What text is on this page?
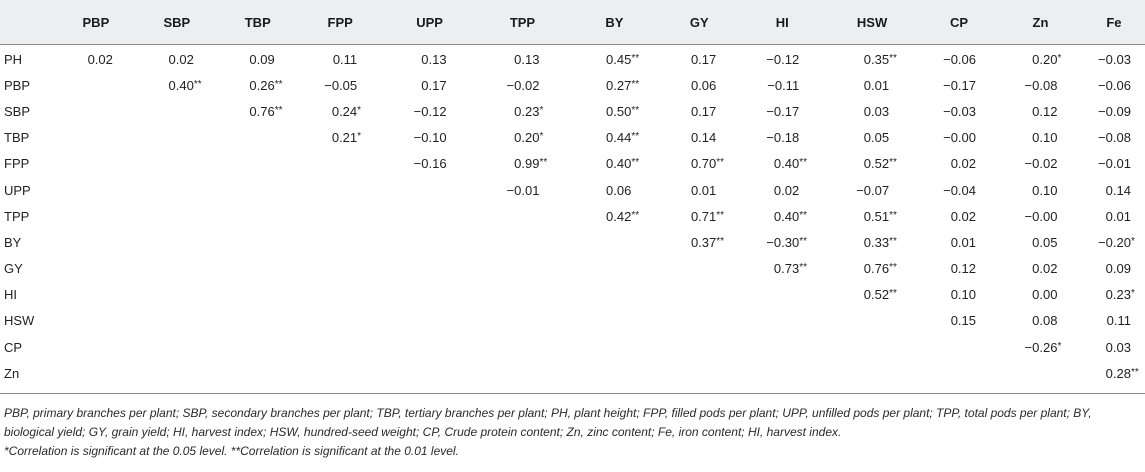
	PBP	SBP	TBP	FPP	UPP	TPP	BY	GY	HI	HSW	CP	Zn	Fe
PH	0.02	0.02	0.09	0.11	0.13	0.13	0.45**	0.17	−0.12	0.35**	−0.06	0.20*	−0.03
PBP		0.40**	0.26**	−0.05	0.17	−0.02	0.27**	0.06	−0.11	0.01	−0.17	−0.08	−0.06
SBP			0.76**	0.24*	−0.12	0.23*	0.50**	0.17	−0.17	0.03	−0.03	0.12	−0.09
TBP				0.21*	−0.10	0.20*	0.44**	0.14	−0.18	0.05	−0.00	0.10	−0.08
FPP					−0.16	0.99**	0.40**	0.70**	0.40**	0.52**	0.02	−0.02	−0.01
UPP						−0.01	0.06	0.01	0.02	−0.07	−0.04	0.10	0.14
TPP							0.42**	0.71**	0.40**	0.51**	0.02	−0.00	0.01
BY								0.37**	−0.30**	0.33**	0.01	0.05	−0.20*
GY									0.73**	0.76**	0.12	0.02	0.09
HI										0.52**	0.10	0.00	0.23*
HSW											0.15	0.08	0.11
CP												−0.26*	0.03
Zn													0.28**

PBP, primary branches per plant; SBP, secondary branches per plant; TBP, tertiary branches per plant; PH, plant height; FPP, filled pods per plant; UPP, unfilled pods per plant; TPP, total pods per plant; BY, biological yield; GY, grain yield; HI, harvest index; HSW, hundred-seed weight; CP, Crude protein content; Zn, zinc content; Fe, iron content; HI, harvest index.

*Correlation is significant at the 0.05 level. **Correlation is significant at the 0.01 level.
